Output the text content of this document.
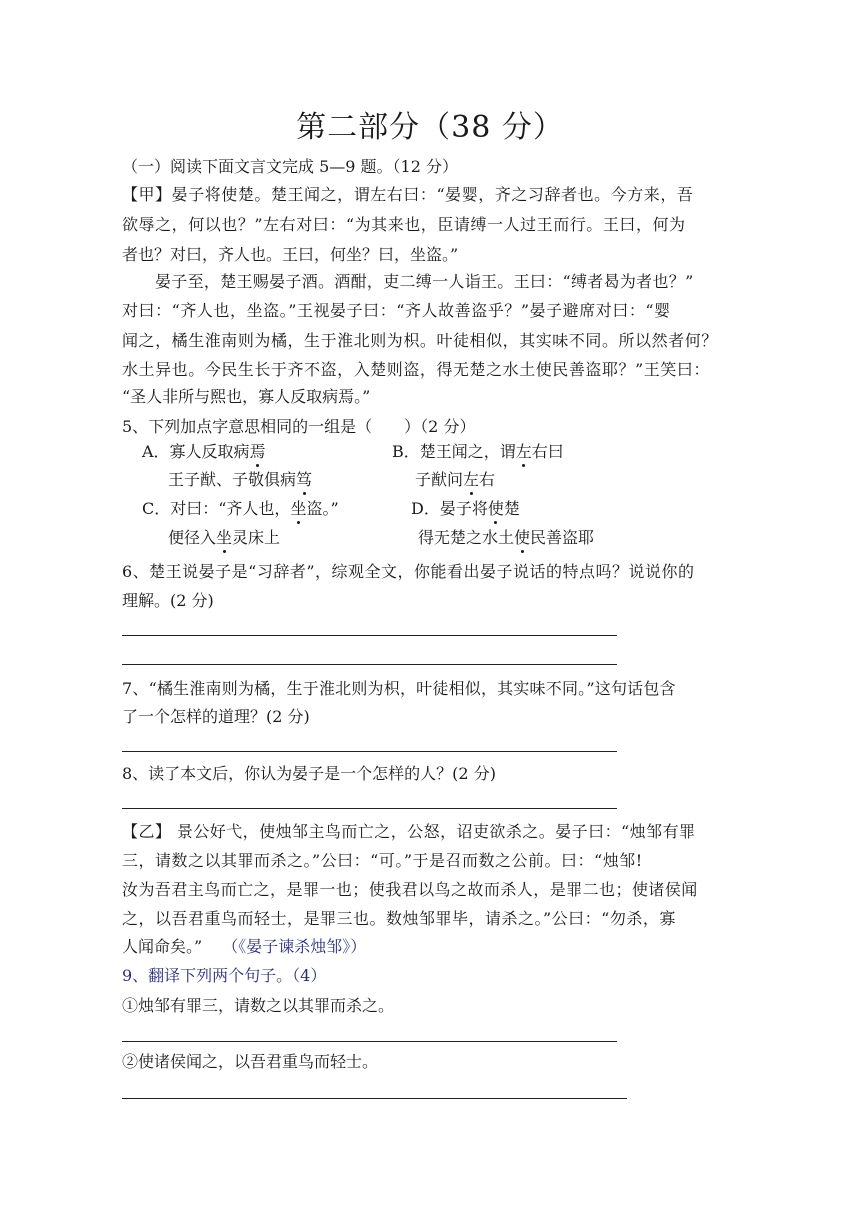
第二部分（38 分）
（一）阅读下面文言文完成 5—9 题。（12 分）
【甲】晏子将使楚。楚王闻之，谓左右曰：“晏婴，齐之习辞者也。今方来，吾
欲辱之，何以也？”左右对曰：“为其来也，臣请缚一人过王而行。王曰，何为
者也？对曰，齐人也。王曰，何坐？曰，坐盗。”
晏子至，楚王赐晏子酒。酒酣，吏二缚一人诣王。王曰：“缚者曷为者也？”
对曰：“齐人也，坐盗。”王视晏子曰：“齐人故善盗乎？”晏子避席对曰：“婴
闻之，橘生淮南则为橘，生于淮北则为枳。叶徒相似，其实味不同。所以然者何？
水土异也。今民生长于齐不盗，入楚则盗，得无楚之水土使民善盗耶？”王笑曰：
“圣人非所与熙也，寡人反取病焉。”
5、下列加点字意思相同的一组是（　　）（2 分）
A．寡人反取病焉	B．楚王闻之，谓左右曰
王子猷、子敬俱病笃	子猷问左右
C．对曰：“齐人也，坐盗。”	D．晏子将使楚
便径入坐灵床上	得无楚之水土使民善盗耶
6、楚王说晏子是“习辞者”，综观全文，你能看出晏子说话的特点吗？说说你的
理解。(2 分)
7、“橘生淮南则为橘，生于淮北则为枳，叶徒相似，其实味不同。”这句话包含
了一个怎样的道理？(2 分)
8、读了本文后，你认为晏子是一个怎样的人？(2 分)
【乙】 景公好弋，使烛邹主鸟而亡之，公怒，诏吏欲杀之。晏子曰：“烛邹有罪
三，请数之以其罪而杀之。”公曰：“可。”于是召而数之公前。曰：“烛邹!
汝为吾君主鸟而亡之，是罪一也；使我君以鸟之故而杀人，是罪二也；使诸侯闻
之，以吾君重鸟而轻士，是罪三也。数烛邹罪毕，请杀之。”公曰：“勿杀，寡
人闻命矣。” （《晏子谏杀烛邹》）
9、翻译下列两个句子。（4）
①烛邹有罪三，请数之以其罪而杀之。
②使诸侯闻之，以吾君重鸟而轻士。
